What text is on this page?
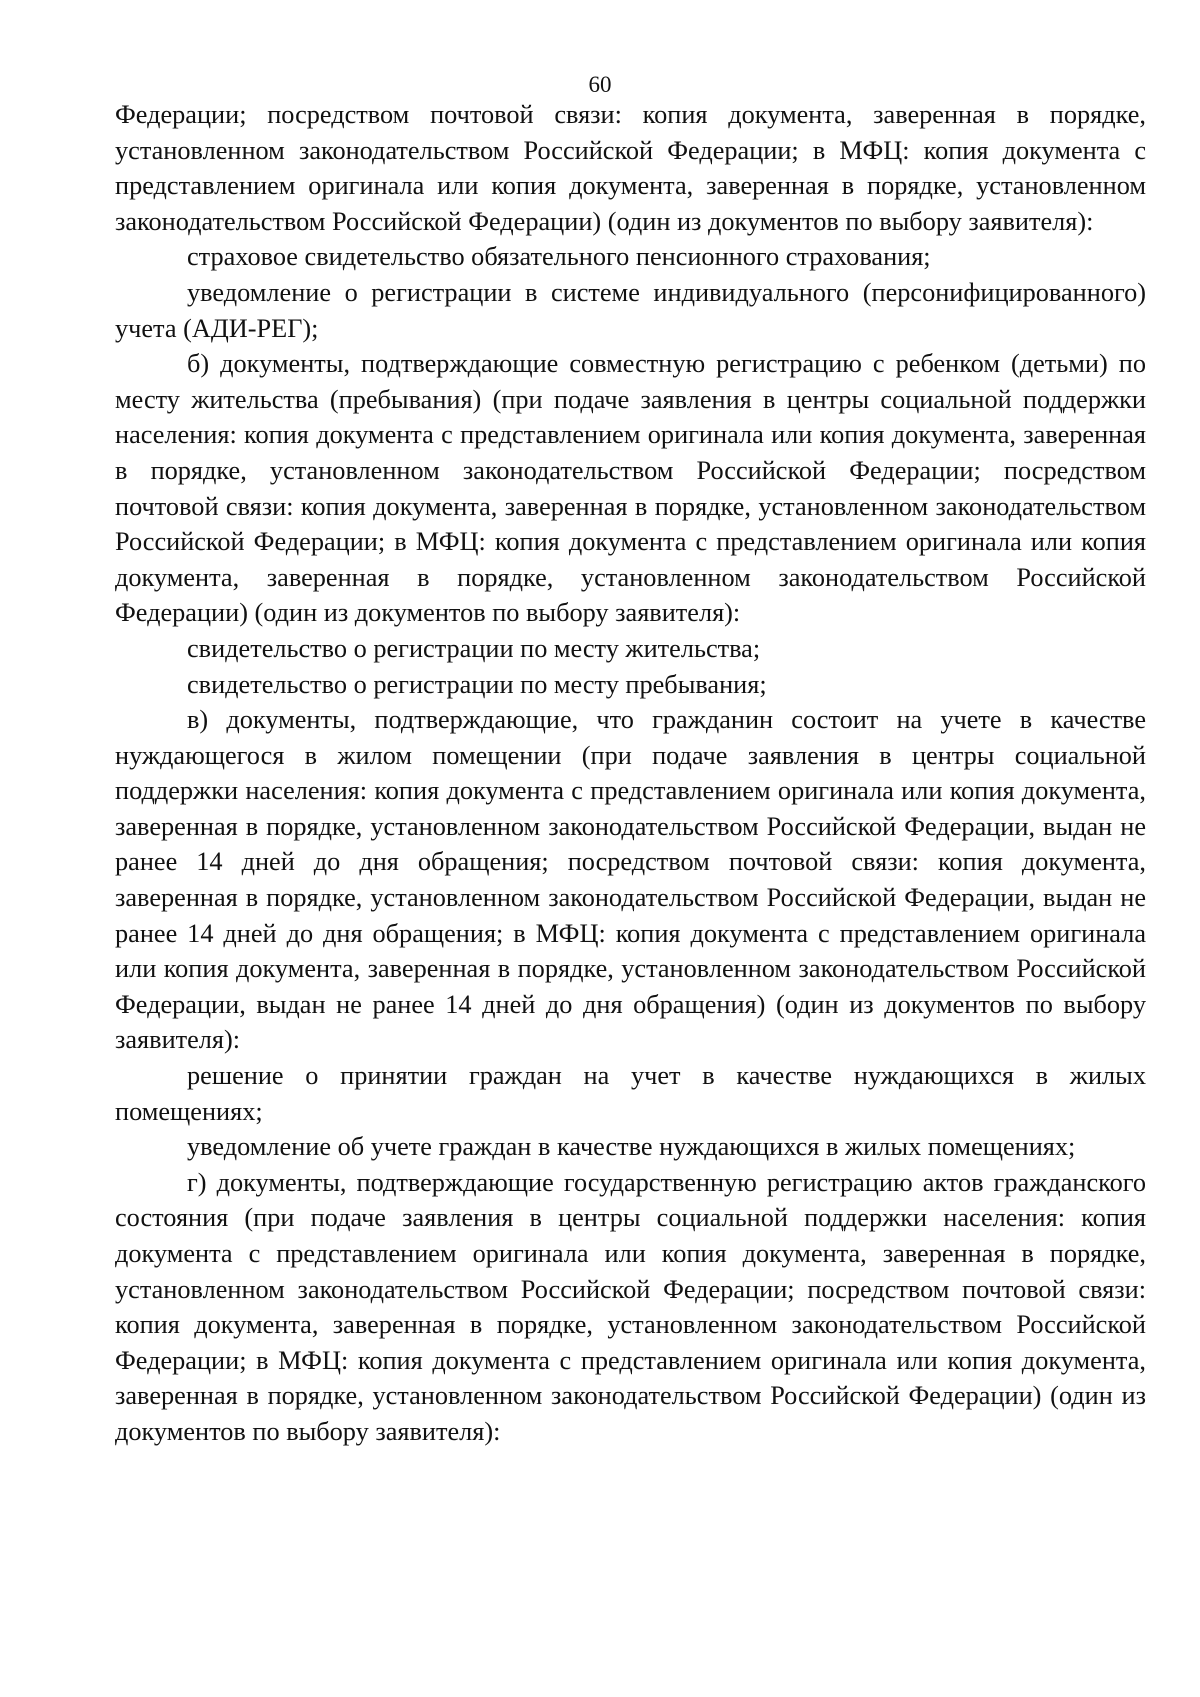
60

Федерации; посредством почтовой связи: копия документа, заверенная в порядке, установленном законодательством Российской Федерации; в МФЦ: копия документа с представлением оригинала или копия документа, заверенная в порядке, установленном законодательством Российской Федерации) (один из документов по выбору заявителя):

страховое свидетельство обязательного пенсионного страхования;

уведомление о регистрации в системе индивидуального (персонифицированного) учета (АДИ-РЕГ);

б) документы, подтверждающие совместную регистрацию с ребенком (детьми) по месту жительства (пребывания) (при подаче заявления в центры социальной поддержки населения: копия документа с представлением оригинала или копия документа, заверенная в порядке, установленном законодательством Российской Федерации; посредством почтовой связи: копия документа, заверенная в порядке, установленном законодательством Российской Федерации; в МФЦ: копия документа с представлением оригинала или копия документа, заверенная в порядке, установленном законодательством Российской Федерации) (один из документов по выбору заявителя):

свидетельство о регистрации по месту жительства;

свидетельство о регистрации по месту пребывания;

в) документы, подтверждающие, что гражданин состоит на учете в качестве нуждающегося в жилом помещении (при подаче заявления в центры социальной поддержки населения: копия документа с представлением оригинала или копия документа, заверенная в порядке, установленном законодательством Российской Федерации, выдан не ранее 14 дней до дня обращения; посредством почтовой связи: копия документа, заверенная в порядке, установленном законодательством Российской Федерации, выдан не ранее 14 дней до дня обращения; в МФЦ: копия документа с представлением оригинала или копия документа, заверенная в порядке, установленном законодательством Российской Федерации, выдан не ранее 14 дней до дня обращения) (один из документов по выбору заявителя):

решение о принятии граждан на учет в качестве нуждающихся в жилых помещениях;

уведомление об учете граждан в качестве нуждающихся в жилых помещениях;

г) документы, подтверждающие государственную регистрацию актов гражданского состояния (при подаче заявления в центры социальной поддержки населения: копия документа с представлением оригинала или копия документа, заверенная в порядке, установленном законодательством Российской Федерации; посредством почтовой связи: копия документа, заверенная в порядке, установленном законодательством Российской Федерации; в МФЦ: копия документа с представлением оригинала или копия документа, заверенная в порядке, установленном законодательством Российской Федерации) (один из документов по выбору заявителя):
